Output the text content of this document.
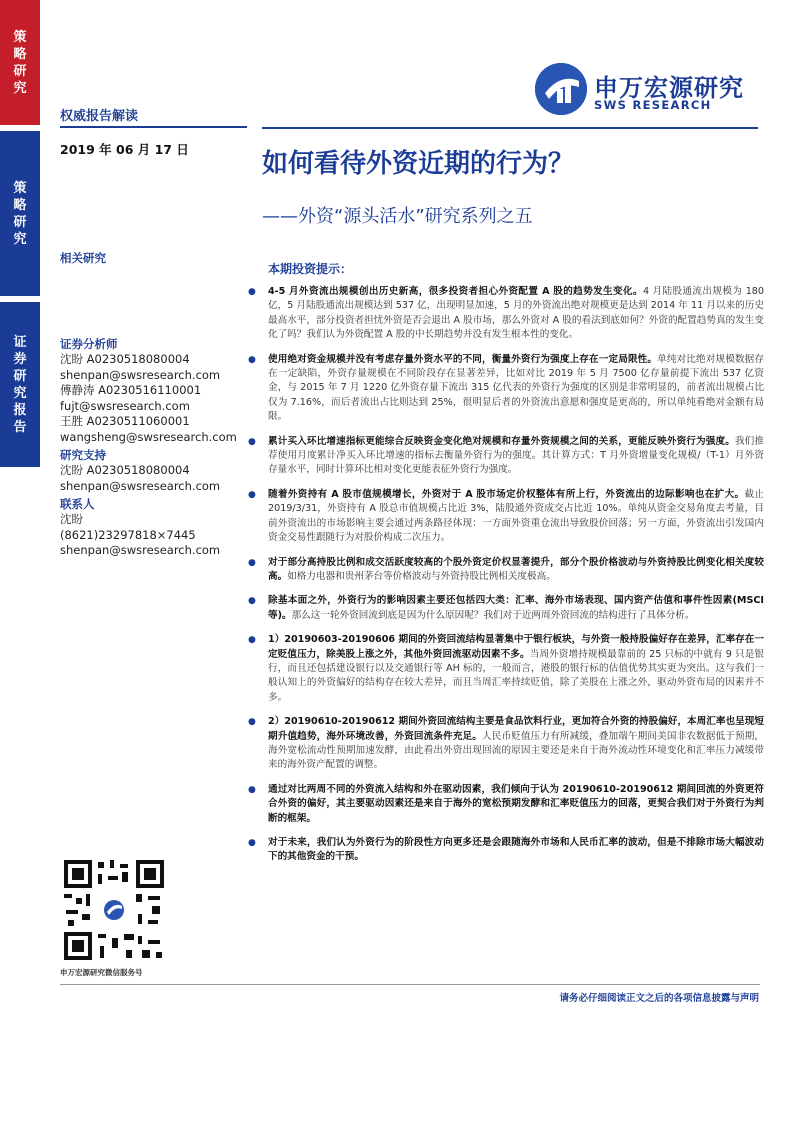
策略研究
策略研究
证券研究报告
申万宏源研究
SWS RESEARCH
权威报告解读
2019 年 06 月 17 日	如何看待外资近期的行为？
——外资“源头活水”研究系列之五
相关研究
证券分析师
沈盼 A0230518080004
shenpan@swsresearch.com
傅静涛 A0230516110001
fujt@swsresearch.com
王胜 A0230511060001
wangsheng@swsresearch.com
研究支持
沈盼 A0230518080004
shenpan@swsresearch.com
联系人
沈盼
(8621)23297818×7445
shenpan@swsresearch.com
申万宏源研究微信服务号
本期投资提示：
● 4-5 月外资流出规模创出历史新高，很多投资者担心外资配置 A 股的趋势发生变化。4 月陆股通流出规模为 180 亿，5 月陆股通流出规模达到 537 亿，出现明显加速，5 月的外资流出绝对规模更是达到 2014 年 11 月以来的历史最高水平，部分投资者担忧外资是否会退出 A 股市场，那么外资对 A 股的看法到底如何？外资的配置趋势真的发生变化了吗？我们认为外资配置 A 股的中长期趋势并没有发生根本性的变化。
● 使用绝对资金规模并没有考虑存量外资水平的不同，衡量外资行为强度上存在一定局限性。单纯对比绝对规模数据存在一定缺陷，外资存量规模在不同阶段存在显著差异，比如对比 2019 年 5 月 7500 亿存量前提下流出 537 亿资金，与 2015 年 7 月 1220 亿外资存量下流出 315 亿代表的外资行为强度的区别是非常明显的，前者流出规模占比仅为 7.16%，而后者流出占比则达到 25%，很明显后者的外资流出意愿和强度是更高的，所以单纯看绝对金额有局限。
● 累计买入环比增速指标更能综合反映资金变化绝对规模和存量外资规模之间的关系，更能反映外资行为强度。我们推荐使用月度累计净买入环比增速的指标去衡量外资行为的强度。其计算方式：T 月外资增量变化规模/（T-1）月外资存量水平，同时计算环比相对变化更能表征外资行为强度。
● 随着外资持有 A 股市值规模增长，外资对于 A 股市场定价权整体有所上行，外资流出的边际影响也在扩大。截止 2019/3/31，外资持有 A 股总市值规模占比近 3%，陆股通外资成交占比近 10%。单纯从资金交易角度去考量，目前外资流出的市场影响主要会通过两条路径体现：一方面外资重仓流出导致股价回落；另一方面，外资流出引发国内资金交易性跟随行为对股价构成二次压力。
● 对于部分高持股比例和成交活跃度较高的个股外资定价权显著提升，部分个股价格波动与外资持股比例变化相关度较高。如格力电器和贵州茅台等价格波动与外资持股比例相关度极高。
● 除基本面之外，外资行为的影响因素主要还包括四大类：汇率、海外市场表现、国内资产估值和事件性因素(MSCI 等)。那么这一轮外资回流到底是因为什么原因呢？我们对于近两周外资回流的结构进行了具体分析。
● 1）20190603-20190606 期间的外资回流结构显著集中于银行板块，与外资一般持股偏好存在差异，汇率存在一定贬值压力，除美股上涨之外，其他外资回流驱动因素不多。当周外资增持规模最靠前的 25 只标的中就有 9 只是银行，而且还包括建设银行以及交通银行等 AH 标的，一般而言，港股的银行标的估值优势其实更为突出。这与我们一般认知上的外资偏好的结构存在较大差异，而且当周汇率持续贬值，除了美股在上涨之外，驱动外资布局的因素并不多。
● 2）20190610-20190612 期间外资回流结构主要是食品饮料行业，更加符合外资的持股偏好，本周汇率也呈现短期升值趋势，海外环境改善，外资回流条件充足。人民币贬值压力有所减缓，叠加端午期间美国非农数据低于预期，海外宽松流动性预期加速发酵，由此看出外资出现回流的原因主要还是来自于海外流动性环境变化和汇率压力减缓带来的海外资产配置的调整。
● 通过对比两周不同的外资流入结构和外在驱动因素，我们倾向于认为 20190610-20190612 期间回流的外资更符合外资的偏好，其主要驱动因素还是来自于海外的宽松预期发酵和汇率贬值压力的回落，更契合我们对于外资行为判断的框架。
● 对于未来，我们认为外资行为的阶段性方向更多还是会跟随海外市场和人民币汇率的波动，但是不排除市场大幅波动下的其他资金的干预。
请务必仔细阅读正文之后的各项信息披露与声明
